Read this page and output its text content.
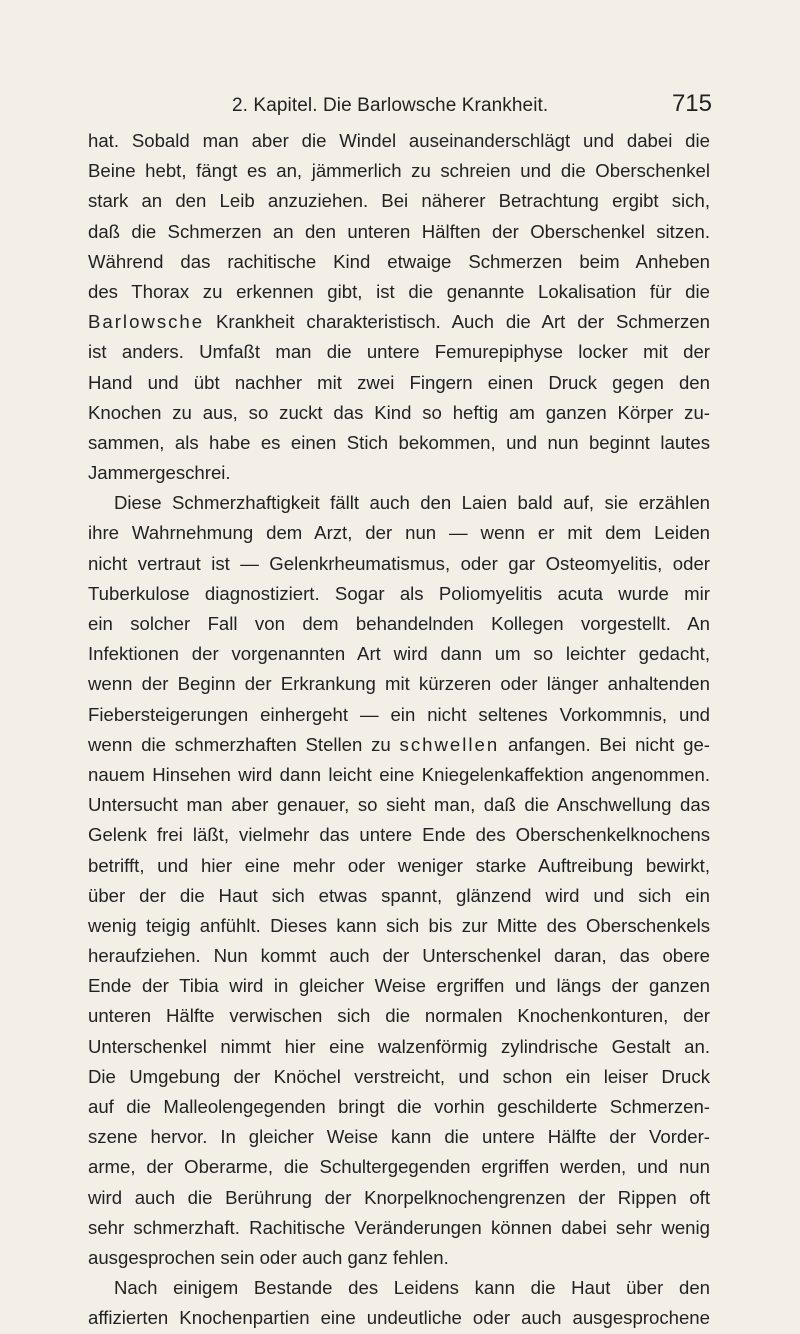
2. Kapitel. Die Barlowsche Krankheit.	715
hat. Sobald man aber die Windel auseinanderschlägt und dabei die
Beine hebt, fängt es an, jämmerlich zu schreien und die Oberschenkel
stark an den Leib anzuziehen. Bei näherer Betrachtung ergibt sich,
daß die Schmerzen an den unteren Hälften der Oberschenkel sitzen.
Während das rachitische Kind etwaige Schmerzen beim Anheben
des Thorax zu erkennen gibt, ist die genannte Lokalisation für die
Barlowsche Krankheit charakteristisch. Auch die Art der Schmerzen
ist anders. Umfaßt man die untere Femurepiphyse locker mit der
Hand und übt nachher mit zwei Fingern einen Druck gegen den
Knochen zu aus, so zuckt das Kind so heftig am ganzen Körper zu-
sammen, als habe es einen Stich bekommen, und nun beginnt lautes
Jammergeschrei.
Diese Schmerzhaftigkeit fällt auch den Laien bald auf, sie erzählen
ihre Wahrnehmung dem Arzt, der nun — wenn er mit dem Leiden
nicht vertraut ist — Gelenkrheumatismus, oder gar Osteomyelitis, oder
Tuberkulose diagnostiziert. Sogar als Poliomyelitis acuta wurde mir
ein solcher Fall von dem behandelnden Kollegen vorgestellt. An
Infektionen der vorgenannten Art wird dann um so leichter gedacht,
wenn der Beginn der Erkrankung mit kürzeren oder länger anhaltenden
Fiebersteigerungen einhergeht — ein nicht seltenes Vorkommnis, und
wenn die schmerzhaften Stellen zu schwellen anfangen. Bei nicht ge-
nauem Hinsehen wird dann leicht eine Kniegelenkaffektion angenommen.
Untersucht man aber genauer, so sieht man, daß die Anschwellung das
Gelenk frei läßt, vielmehr das untere Ende des Oberschenkelknochens
betrifft, und hier eine mehr oder weniger starke Auftreibung bewirkt,
über der die Haut sich etwas spannt, glänzend wird und sich ein
wenig teigig anfühlt. Dieses kann sich bis zur Mitte des Oberschenkels
heraufziehen. Nun kommt auch der Unterschenkel daran, das obere
Ende der Tibia wird in gleicher Weise ergriffen und längs der ganzen
unteren Hälfte verwischen sich die normalen Knochenkonturen, der
Unterschenkel nimmt hier eine walzenförmig zylindrische Gestalt an.
Die Umgebung der Knöchel verstreicht, und schon ein leiser Druck
auf die Malleolengegenden bringt die vorhin geschilderte Schmerzen-
szene hervor. In gleicher Weise kann die untere Hälfte der Vorder-
arme, der Oberarme, die Schultergegenden ergriffen werden, und nun
wird auch die Berührung der Knorpelknochengrenzen der Rippen oft
sehr schmerzhaft. Rachitische Veränderungen können dabei sehr wenig
ausgesprochen sein oder auch ganz fehlen.
Nach einigem Bestande des Leidens kann die Haut über den
affizierten Knochenpartien eine undeutliche oder auch ausgesprochene
